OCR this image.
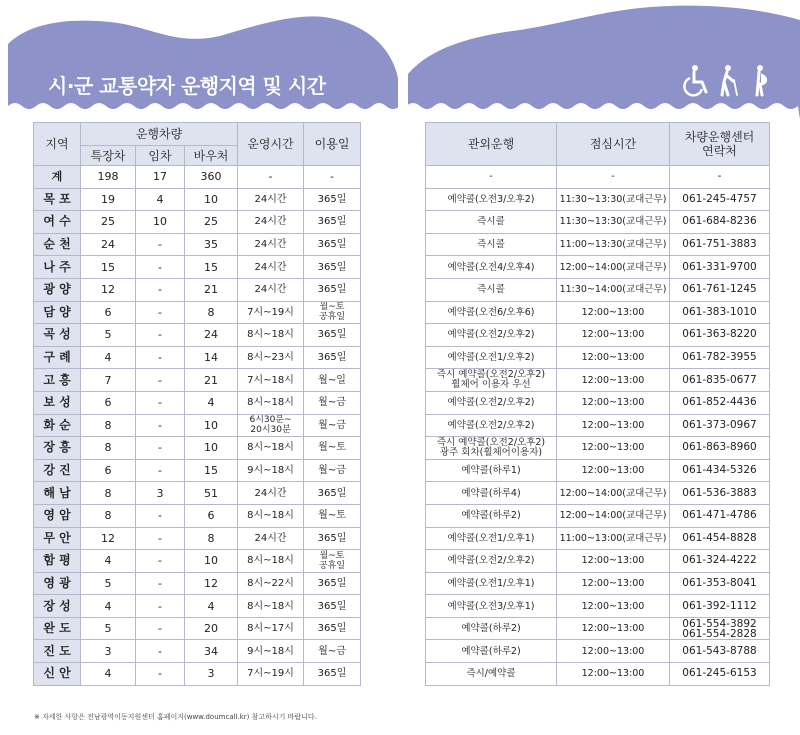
시·군 교통약자 운행지역 및 시간
지역	운행차량			운영시간	이용일
	특장차	임차	바우처		
계	198	17	360	-	-
목 포	19	4	10	24시간	365일
여 수	25	10	25	24시간	365일
순 천	24	-	35	24시간	365일
나 주	15	-	15	24시간	365일
광 양	12	-	21	24시간	365일
담 양	6	-	8	7시~19시	월~토
공휴일
곡 성	5	-	24	8시~18시	365일
구 례	4	-	14	8시~23시	365일
고 흥	7	-	21	7시~18시	월~일
보 성	6	-	4	8시~18시	월~금
화 순	8	-	10	6시30분~
20시30분	월~금
장 흥	8	-	10	8시~18시	월~토
강 진	6	-	15	9시~18시	월~금
해 남	8	3	51	24시간	365일
영 암	8	-	6	8시~18시	월~토
무 안	12	-	8	24시간	365일
함 평	4	-	10	8시~18시	월~토
공휴일
영 광	5	-	12	8시~22시	365일
장 성	4	-	4	8시~18시	365일
완 도	5	-	20	8시~17시	365일
진 도	3	-	34	9시~18시	월~금
신 안	4	-	3	7시~19시	365일
관외운행	점심시간	차량운행센터
연락처
-	-	-
예약콜(오전3/오후2)	11:30~13:30(교대근무)	061-245-4757
즉시콜	11:30~13:30(교대근무)	061-684-8236
즉시콜	11:00~13:30(교대근무)	061-751-3883
예약콜(오전4/오후4)	12:00~14:00(교대근무)	061-331-9700
즉시콜	11:30~14:00(교대근무)	061-761-1245
예약콜(오전6/오후6)	12:00~13:00	061-383-1010
예약콜(오전2/오후2)	12:00~13:00	061-363-8220
예약콜(오전1/오후2)	12:00~13:00	061-782-3955
즉시 예약콜(오전2/오후2)
휠체어 이용자 우선	12:00~13:00	061-835-0677
예약콜(오전2/오후2)	12:00~13:00	061-852-4436
예약콜(오전2/오후2)	12:00~13:00	061-373-0967
즉시 예약콜(오전2/오후2)
광주 회차(휠체어이용자)	12:00~13:00	061-863-8960
예약콜(하루1)	12:00~13:00	061-434-5326
예약콜(하루4)	12:00~14:00(교대근무)	061-536-3883
예약콜(하루2)	12:00~14:00(교대근무)	061-471-4786
예약콜(오전1/오후1)	11:00~13:00(교대근무)	061-454-8828
예약콜(오전2/오후2)	12:00~13:00	061-324-4222
예약콜(오전1/오후1)	12:00~13:00	061-353-8041
예약콜(오전3/오후1)	12:00~13:00	061-392-1112
예약콜(하루2)	12:00~13:00	061-554-3892
061-554-2828
예약콜(하루2)	12:00~13:00	061-543-8788
즉시/예약콜	12:00~13:00	061-245-6153
※ 자세한 사항은 전남광역이동지원센터 홈페이지(www.doumcall.kr) 참고하시기 바랍니다.
